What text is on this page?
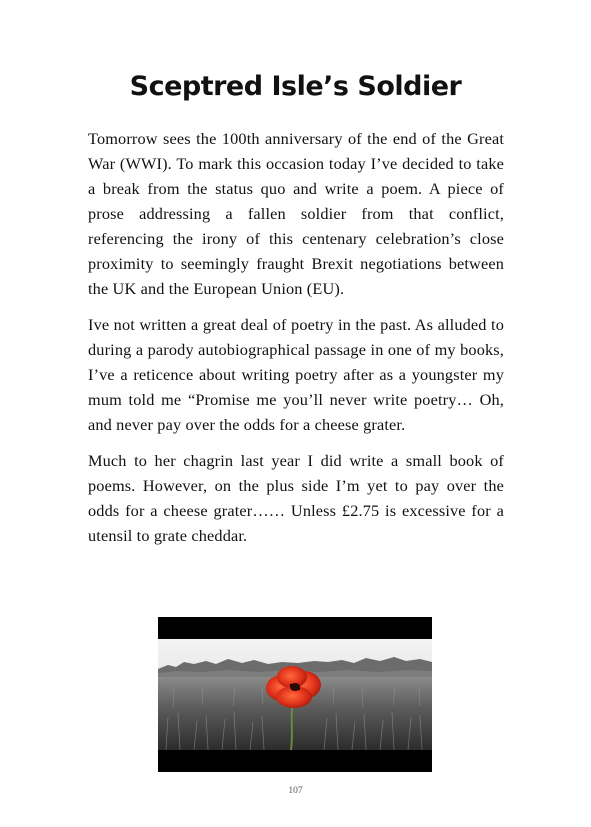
Sceptred Isle’s Soldier

Tomorrow sees the 100th anniversary of the end of the Great War (WWI). To mark this occasion today I’ve decided to take a break from the status quo and write a poem. A piece of prose addressing a fallen soldier from that conflict, referencing the irony of this centenary celebration’s close proximity to seemingly fraught Brexit negotiations between the UK and the European Union (EU).

Ive not written a great deal of poetry in the past. As alluded to during a parody autobiographical passage in one of my books, I’ve a reticence about writing poetry after as a youngster my mum told me “Promise me you’ll never write poetry… Oh, and never pay over the odds for a cheese grater.

Much to her chagrin last year I did write a small book of poems. However, on the plus side I’m yet to pay over the odds for a cheese grater…… Unless £2.75 is excessive for a utensil to grate cheddar.

107
